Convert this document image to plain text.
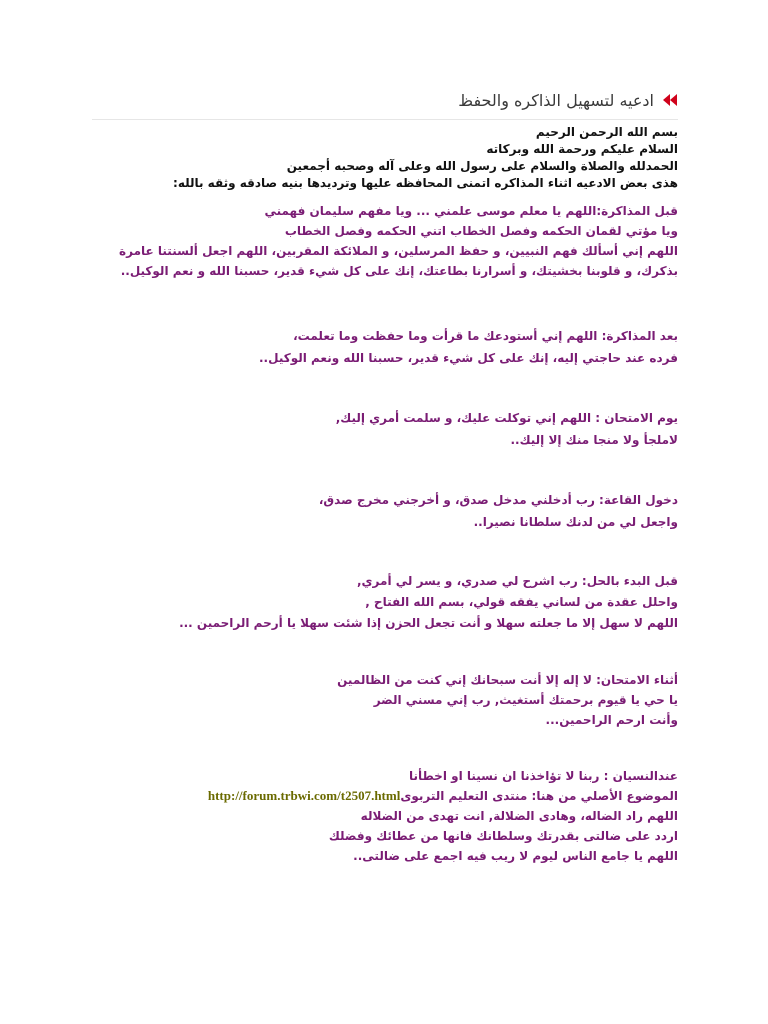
ادعيه لتسهيل الذاكره والحفظ
بسم الله الرحمن الرحيم
السلام عليكم ورحمة الله وبركاته
الحمدلله والصلاة والسلام على رسول الله وعلى آله وصحبه أجمعين
هذى بعض الادعيه اثناء المذاكره اتمنى المحافظه عليها وترديدها بنيه صادقه وثقه بالله:
قبل المذاكرة:اللهم يا معلم موسى علمني ... ويا مفهم سليمان فهمني
ويا مؤتي لقمان الحكمه وفصل الخطاب اتني الحكمه وفصل الخطاب
اللهم إني أسألك فهم النبيين، و حفظ المرسلين، و الملائكة المقربين، اللهم اجعل ألسنتنا عامرة
بذكرك، و قلوبنا بخشيتك، و أسرارنا بطاعتك، إنك على كل شيء قدير، حسبنا الله و نعم الوكيل..
بعد المذاكرة: اللهم إني أستودعك ما قرأت وما حفظت وما تعلمت،
فرده عند حاجتي إليه، إنك على كل شيء قدير، حسبنا الله ونعم الوكيل..
يوم الامتحان : اللهم إني توكلت عليك، و سلمت أمري إليك,
لاملجأ ولا منجا منك إلا إليك..
دخول القاعة: رب أدخلني مدخل صدق، و أخرجني مخرج صدق،
واجعل لي من لدنك سلطانا نصيرا..
قبل البدء بالحل: رب اشرح لي صدري، و يسر لي أمري,
واحلل عقدة من لساني يفقه قولي، بسم الله الفتاح ,
اللهم لا سهل إلا ما جعلته سهلا و أنت تجعل الحزن إذا شئت سهلا يا أرحم الراحمين ...
أثناء الامتحان: لا إله إلا أنت سبحانك إني كنت من الظالمين
يا حي يا قيوم برحمتك أستغيث, رب إني مسني الضر
وأنت ارحم الراحمين...
عندالنسيان : ربنا لا تؤاخذنا ان نسينا او اخطأنا
الموضوع الأصلي من هنا: منتدى التعليم التربوىhttp://forum.trbwi.com/t2507.html
اللهم راد الضاله، وهادى الضلالة, انت تهدى من الضلاله
اردد على ضالتى بقدرتك وسلطانك فانها من عطائك وفضلك
اللهم يا جامع الناس ليوم لا ريب فيه اجمع على ضالتى..
